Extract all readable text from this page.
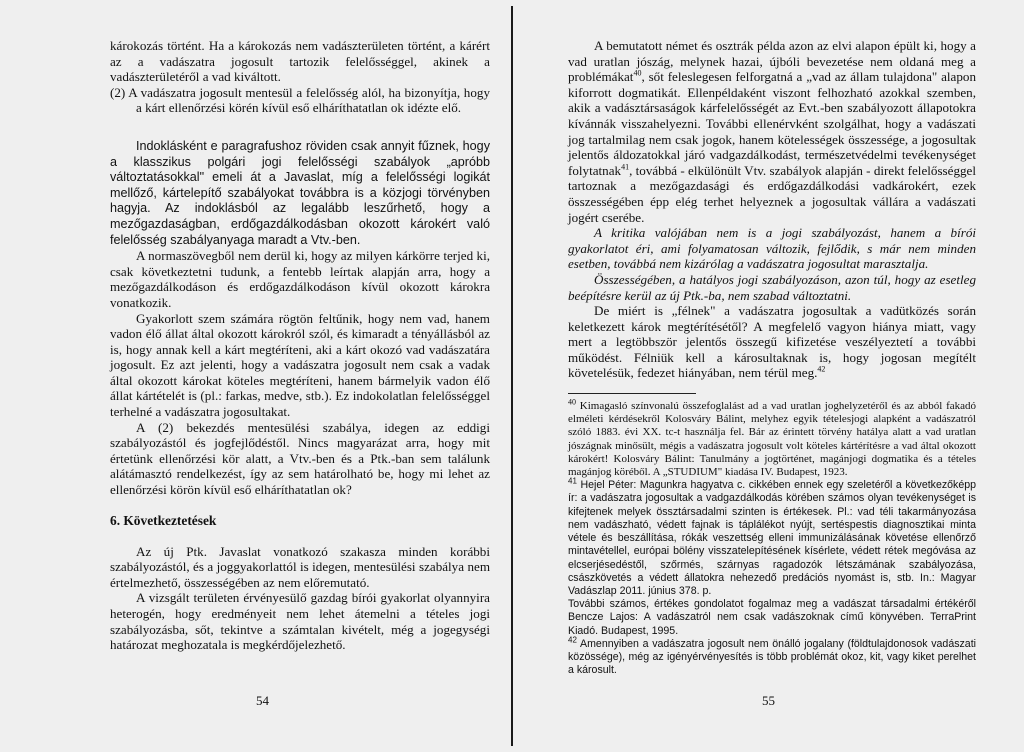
károkozás történt. Ha a károkozás nem vadászterületen történt, a kárért az a vadászatra jogosult tartozik felelősséggel, akinek a vadászterületéről a vad kiváltott.

(2) A vadászatra jogosult mentesül a felelősség alól, ha bizonyítja, hogy a kárt ellenőrzési körén kívül eső elháríthatatlan ok idézte elő.

Indoklásként e paragrafushoz röviden csak annyit fűznek, hogy a klasszikus polgári jogi felelősségi szabályok „apróbb változtatásokkal" emeli át a Javaslat, míg a felelősségi logikát mellőző, kártelepítő szabályokat továbbra is a közjogi törvényben hagyja. Az indoklásból az legalább leszűrhető, hogy a mezőgazdaságban, erdőgazdálkodásban okozott károkért való felelősség szabályanyaga maradt a Vtv.-ben.

A normaszövegből nem derül ki, hogy az milyen kárkörre terjed ki, csak következtetni tudunk, a fentebb leírtak alapján arra, hogy a mezőgazdálkodáson és erdőgazdálkodáson kívül okozott károkra vonatkozik.

Gyakorlott szem számára rögtön feltűnik, hogy nem vad, hanem vadon élő állat által okozott károkról szól, és kimaradt a tényállásból az is, hogy annak kell a kárt megtéríteni, aki a kárt okozó vad vadászatára jogosult. Ez azt jelenti, hogy a vadászatra jogosult nem csak a vadak által okozott károkat köteles megtéríteni, hanem bármelyik vadon élő állat kártételét is (pl.: farkas, medve, stb.). Ez indokolatlan felelősséggel terhelné a vadászatra jogosultakat.

A (2) bekezdés mentesülési szabálya, idegen az eddigi szabályozástól és jogfejlődéstől. Nincs magyarázat arra, hogy mit értetünk ellenőrzési kör alatt, a Vtv.-ben és a Ptk.-ban sem találunk alátámasztó rendelkezést, így az sem határolható be, hogy mi lehet az ellenőrzési körön kívül eső elháríthatatlan ok?

6. Következtetések

Az új Ptk. Javaslat vonatkozó szakasza minden korábbi szabályozástól, és a joggyakorlattól is idegen, mentesülési szabálya nem értelmezhető, összességében az nem előremutató.

A vizsgált területen érvényesülő gazdag bírói gyakorlat olyannyira heterogén, hogy eredményeit nem lehet átemelni a tételes jogi szabályozásba, sőt, tekintve a számtalan kivételt, még a jogegységi határozat meghozatala is megkérdőjelezhető.

54

A bemutatott német és osztrák példa azon az elvi alapon épült ki, hogy a vad uratlan jószág, melynek hazai, újbóli bevezetése nem oldaná meg a problémákat$^{40}$, sőt feleslegesen felforgatná a „vad az állam tulajdona" alapon kiforrott dogmatikát. Ellenpéldaként viszont felhozható azokkal szemben, akik a vadásztársaságok kárfelelősségét az Evt.-ben szabályozott állapotokra kívánnák visszahelyezni. További ellenérvként szolgálhat, hogy a vadászati jog tartalmilag nem csak jogok, hanem kötelességek összessége, a jogosultak jelentős áldozatokkal járó vadgazdálkodást, természetvédelmi tevékenységet folytatnak$^{41}$, továbbá - elkülönült Vtv. szabályok alapján - direkt felelősséggel tartoznak a mezőgazdasági és erdőgazdálkodási vadkárokért, ezek összességében épp elég terhet helyeznek a jogosultak vállára a vadászati jogért cserébe.

A kritika valójában nem is a jogi szabályozást, hanem a bírói gyakorlatot éri, ami folyamatosan változik, fejlődik, s már nem minden esetben, továbbá nem kizárólag a vadászatra jogosultat marasztalja.

Összességében, a hatályos jogi szabályozáson, azon túl, hogy az esetleg beépítésre kerül az új Ptk.-ba, nem szabad változtatni.

De miért is „félnek" a vadászatra jogosultak a vadütközés során keletkezett károk megtérítésétől? A megfelelő vagyon hiánya miatt, vagy mert a legtöbbször jelentős összegű kifizetése veszélyeztetí a további működést. Félniük kell a károsultaknak is, hogy jogosan megítélt követelésük, fedezet hiányában, nem térül meg.$^{42}$

$^{40}$ Kimagasló színvonalú összefoglalást ad a vad uratlan joghelyzetéről és az abból fakadó elméleti kérdésekről Kolosváry Bálint, melyhez egyik tételesjogi alapként a vadászatról szóló 1883. évi XX. tc-t használja fel. Bár az érintett törvény hatálya alatt a vad uratlan jószágnak minősült, mégis a vadászatra jogosult volt köteles kártérítésre a vad által okozott károkért! Kolosváry Bálint: Tanulmány a jogtörténet, magánjogi dogmatika és a tételes magánjog köréből. A „STUDIUM" kiadása IV. Budapest, 1923.

$^{41}$ Hejel Péter: Magunkra hagyatva c. cikkében ennek egy szeletéről a következőképp ír: a vadászatra jogosultak a vadgazdálkodás körében számos olyan tevékenységet is kifejtenek melyek össztársadalmi szinten is értékesek. Pl.: vad téli takarmányozása nem vadászható, védett fajnak is táplálékot nyújt, sertéspestis diagnosztikai minta vétele és beszállítása, rókák veszettség elleni immunizálásának követése ellenőrző mintavétellel, európai bölény visszatelepítésének kísérlete, védett rétek megóvása az elcserjésedéstől, szőrmés, szárnyas ragadozók létszámának szabályozása, császkövetés a védett állatokra nehezedő predációs nyomást is, stb. In.: Magyar Vadászlap 2011. június 378. p.

További számos, értékes gondolatot fogalmaz meg a vadászat társadalmi értékéről Bencze Lajos: A vadászatról nem csak vadászoknak című könyvében. TerraPrint Kiadó. Budapest, 1995.

$^{42}$ Amennyiben a vadászatra jogosult nem önálló jogalany (földtulajdonosok vadászati közössége), még az igényérvényesítés is több problémát okoz, kit, vagy kiket perelhet a károsult.

55
